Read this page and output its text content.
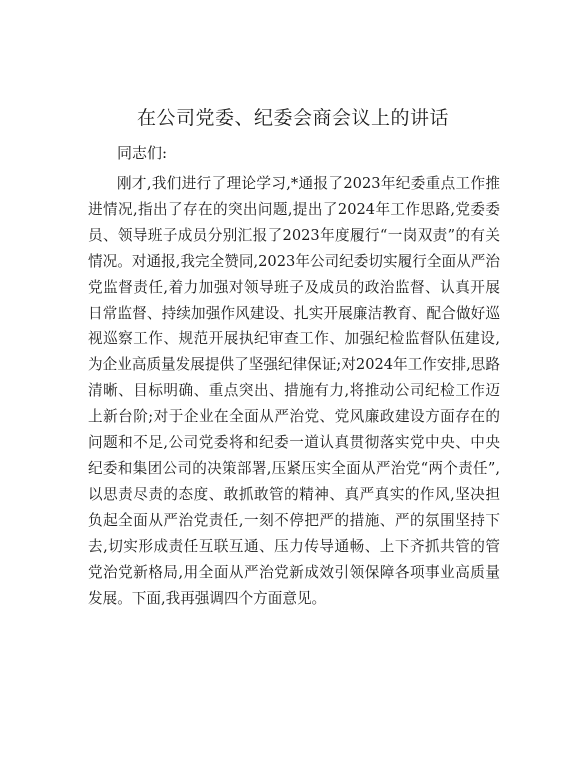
在公司党委、纪委会商会议上的讲话

同志们:

刚才,我们进行了理论学习,*通报了2023年纪委重点工作推进情况,指出了存在的突出问题,提出了2024年工作思路,党委委员、领导班子成员分别汇报了2023年度履行“一岗双责”的有关情况。对通报,我完全赞同,2023年公司纪委切实履行全面从严治党监督责任,着力加强对领导班子及成员的政治监督、认真开展日常监督、持续加强作风建设、扎实开展廉洁教育、配合做好巡视巡察工作、规范开展执纪审查工作、加强纪检监督队伍建设,为企业高质量发展提供了坚强纪律保证;对2024年工作安排,思路清晰、目标明确、重点突出、措施有力,将推动公司纪检工作迈上新台阶;对于企业在全面从严治党、党风廉政建设方面存在的问题和不足,公司党委将和纪委一道认真贯彻落实党中央、中央纪委和集团公司的决策部署,压紧压实全面从严治党“两个责任”,以思责尽责的态度、敢抓敢管的精神、真严真实的作风,坚决担负起全面从严治党责任,一刻不停把严的措施、严的氛围坚持下去,切实形成责任互联互通、压力传导通畅、上下齐抓共管的管党治党新格局,用全面从严治党新成效引领保障各项事业高质量发展。下面,我再强调四个方面意见。
